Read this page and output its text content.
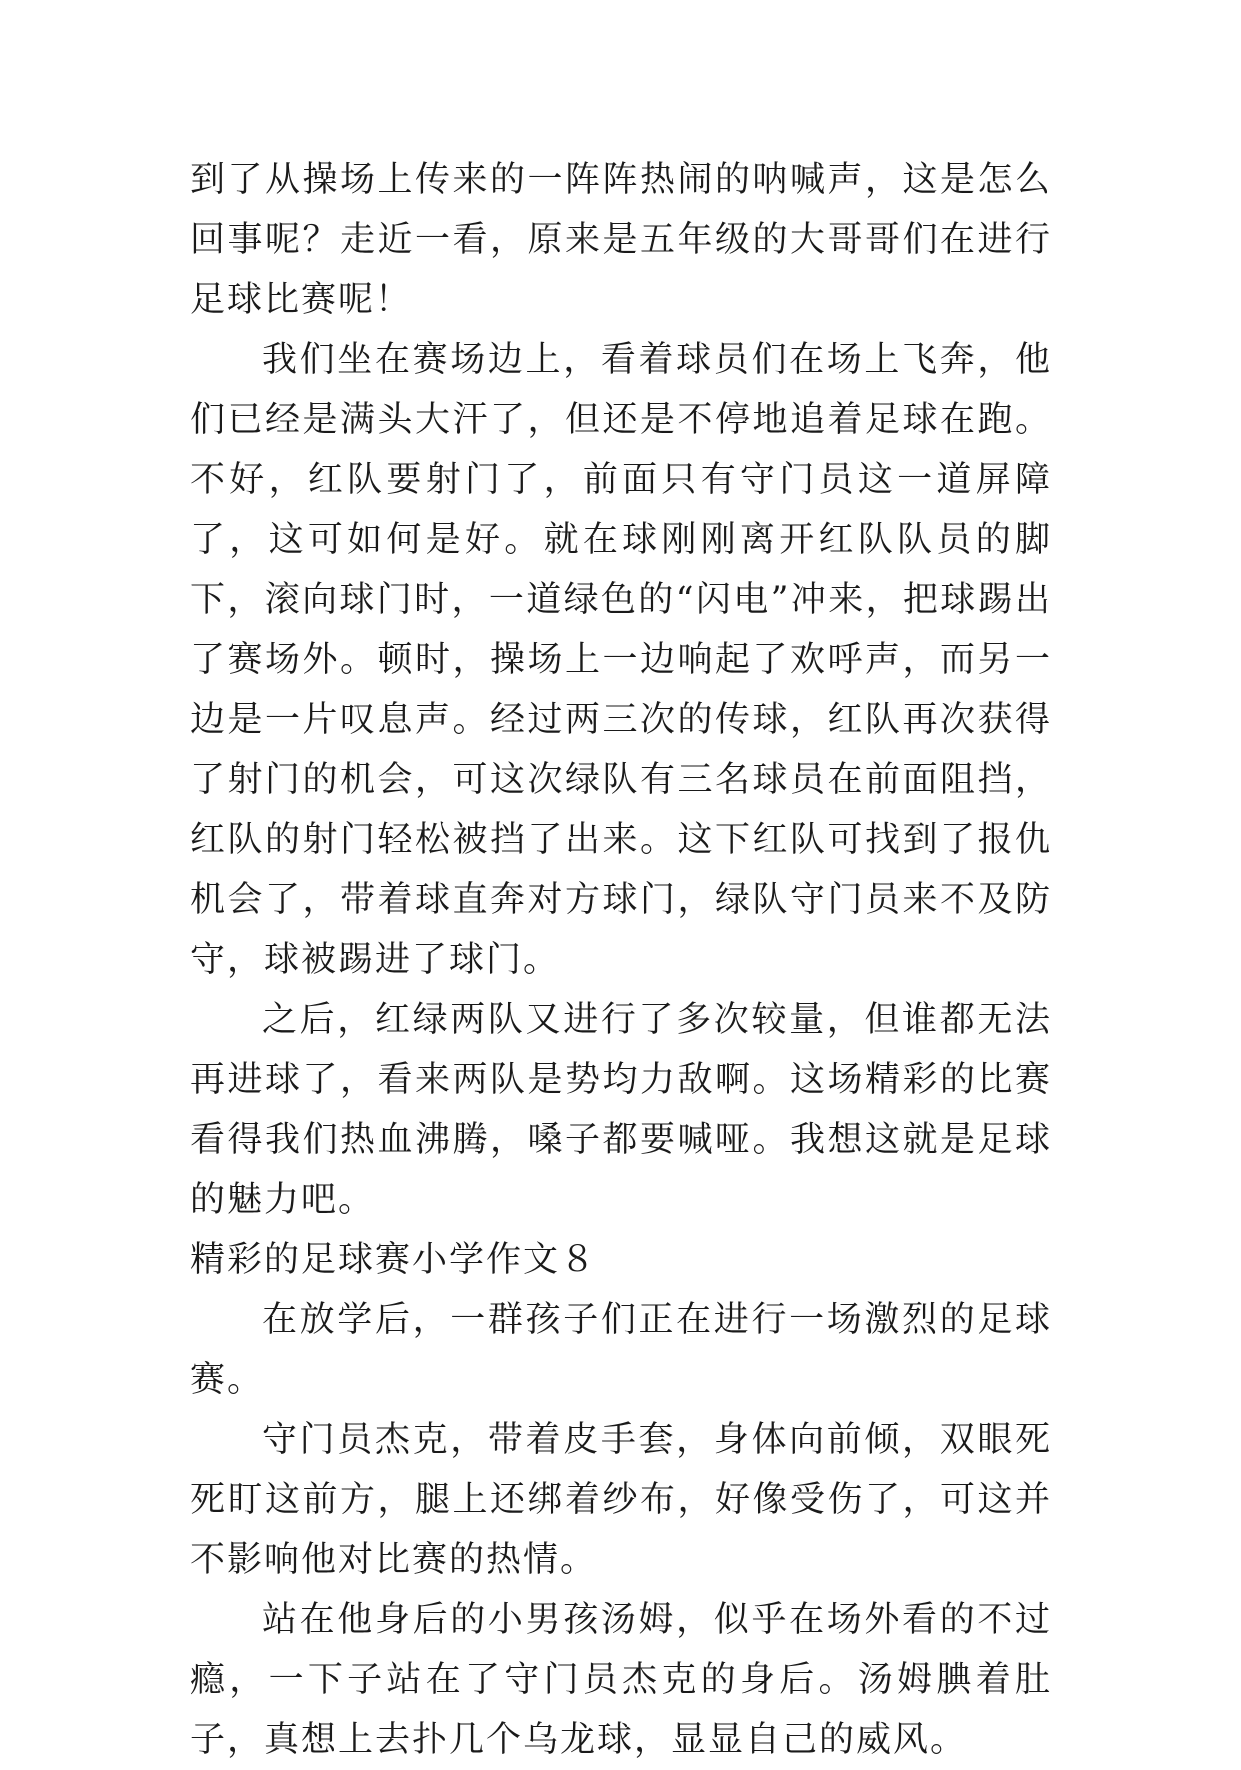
到了从操场上传来的一阵阵热闹的呐喊声，这是怎么回事呢？走近一看，原来是五年级的大哥哥们在进行足球比赛呢！

我们坐在赛场边上，看着球员们在场上飞奔，他们已经是满头大汗了，但还是不停地追着足球在跑。不好，红队要射门了，前面只有守门员这一道屏障了，这可如何是好。就在球刚刚离开红队队员的脚下，滚向球门时，一道绿色的“闪电”冲来，把球踢出了赛场外。顿时，操场上一边响起了欢呼声，而另一边是一片叹息声。经过两三次的传球，红队再次获得了射门的机会，可这次绿队有三名球员在前面阻挡，红队的射门轻松被挡了出来。这下红队可找到了报仇机会了，带着球直奔对方球门，绿队守门员来不及防守，球被踢进了球门。

之后，红绿两队又进行了多次较量，但谁都无法再进球了，看来两队是势均力敌啊。这场精彩的比赛看得我们热血沸腾，嗓子都要喊哑。我想这就是足球的魅力吧。

精彩的足球赛小学作文８

在放学后，一群孩子们正在进行一场激烈的足球赛。

守门员杰克，带着皮手套，身体向前倾，双眼死死盯这前方，腿上还绑着纱布，好像受伤了，可这并不影响他对比赛的热情。

站在他身后的小男孩汤姆，似乎在场外看的不过瘾，一下子站在了守门员杰克的身后。汤姆腆着肚子，真想上去扑几个乌龙球，显显自己的威风。
